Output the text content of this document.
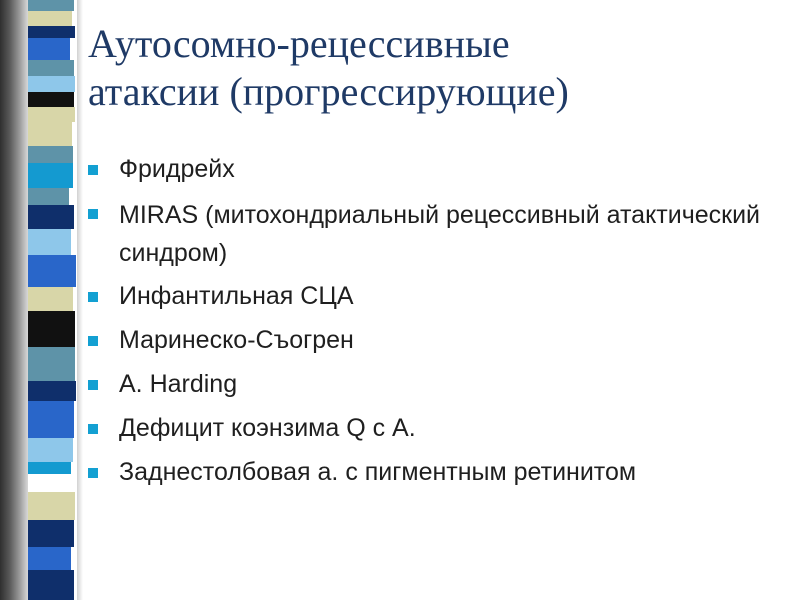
Аутосомно-рецессивные
атаксии (прогрессирующие)
Фридрейх
MIRAS (митохондриальный рецессивный атактический синдром)
Инфантильная СЦА
Маринеско-Съогрен
A. Harding
Дефицит коэнзима Q с А.
Заднестолбовая а. с пигментным ретинитом
